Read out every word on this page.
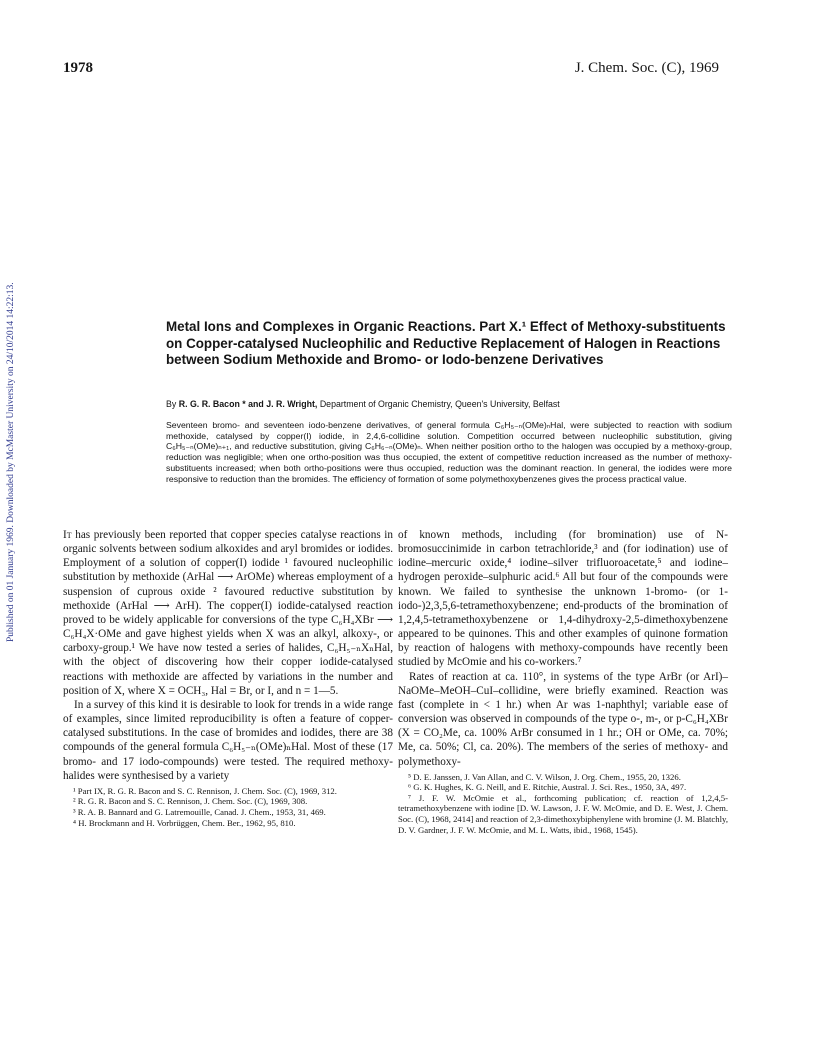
1978	J. Chem. Soc. (C), 1969
Published on 01 January 1969. Downloaded by McMaster University on 24/10/2014 14:22:13.	Metal Ions and Complexes in Organic Reactions. Part X.¹ Effect of Methoxy-substituents on Copper-catalysed Nucleophilic and Reductive Replacement of Halogen in Reactions between Sodium Methoxide and Bromo- or Iodo-benzene Derivatives
By R. G. R. Bacon * and J. R. Wright, Department of Organic Chemistry, Queen's University, Belfast

Seventeen bromo- and seventeen iodo-benzene derivatives, of general formula C₆H₅₋ₙ(OMe)ₙHal, were subjected to reaction with sodium methoxide, catalysed by copper(I) iodide, in 2,4,6-collidine solution. Competition occurred between nucleophilic substitution, giving C₆H₅₋ₙ(OMe)ₙ₊₁, and reductive substitution, giving C₆H₆₋ₙ(OMe)ₙ. When neither position ortho to the halogen was occupied by a methoxy-group, reduction was negligible; when one ortho-position was thus occupied, the extent of competitive reduction increased as the number of methoxy-substituents increased; when both ortho-positions were thus occupied, reduction was the dominant reaction. In general, the iodides were more responsive to reduction than the bromides. The efficiency of formation of some polymethoxybenzenes gives the process practical value.

It has previously been reported that copper species catalyse reactions in organic solvents between sodium alkoxides and aryl bromides or iodides. Employment of a solution of copper(I) iodide ¹ favoured nucleophilic substitution by methoxide (ArHal ⟶ ArOMe) whereas employment of a suspension of cuprous oxide ² favoured reductive substitution by methoxide (ArHal ⟶ ArH). The copper(I) iodide-catalysed reaction proved to be widely applicable for conversions of the type C₆H₄XBr ⟶ C₆H₄X·OMe and gave highest yields when X was an alkyl, alkoxy-, or carboxy-group.¹ We have now tested a series of halides, C₆H₅₋ₙXₙHal, with the object of discovering how their copper iodide-catalysed reactions with methoxide are affected by variations in the number and position of X, where X = OCH₃, Hal = Br, or I, and n = 1—5.

In a survey of this kind it is desirable to look for trends in a wide range of examples, since limited reproducibility is often a feature of copper-catalysed substitutions. In the case of bromides and iodides, there are 38 compounds of the general formula C₆H₅₋ₙ(OMe)ₙHal. Most of these (17 bromo- and 17 iodo-compounds) were tested. The required methoxy-halides were synthesised by a variety

¹ Part IX, R. G. R. Bacon and S. C. Rennison, J. Chem. Soc. (C), 1969, 312.

² R. G. R. Bacon and S. C. Rennison, J. Chem. Soc. (C), 1969, 308.

³ R. A. B. Bannard and G. Latremouille, Canad. J. Chem., 1953, 31, 469.

⁴ H. Brockmann and H. Vorbrüggen, Chem. Ber., 1962, 95, 810.

of known methods, including (for bromination) use of N-bromosuccinimide in carbon tetrachloride,³ and (for iodination) use of iodine–mercuric oxide,⁴ iodine–silver trifluoroacetate,⁵ and iodine–hydrogen peroxide–sulphuric acid.⁶ All but four of the compounds were known. We failed to synthesise the unknown 1-bromo- (or 1-iodo-)2,3,5,6-tetramethoxybenzene; end-products of the bromination of 1,2,4,5-tetramethoxybenzene or 1,4-dihydroxy-2,5-dimethoxybenzene appeared to be quinones. This and other examples of quinone formation by reaction of halogens with methoxy-compounds have recently been studied by McOmie and his co-workers.⁷

Rates of reaction at ca. 110°, in systems of the type ArBr (or ArI)–NaOMe–MeOH–CuI–collidine, were briefly examined. Reaction was fast (complete in < 1 hr.) when Ar was 1-naphthyl; variable ease of conversion was observed in compounds of the type o-, m-, or p-C₆H₄XBr (X = CO₂Me, ca. 100% ArBr consumed in 1 hr.; OH or OMe, ca. 70%; Me, ca. 50%; Cl, ca. 20%). The members of the series of methoxy- and polymethoxy-

⁵ D. E. Janssen, J. Van Allan, and C. V. Wilson, J. Org. Chem., 1955, 20, 1326.

⁶ G. K. Hughes, K. G. Neill, and E. Ritchie, Austral. J. Sci. Res., 1950, 3A, 497.

⁷ J. F. W. McOmie et al., forthcoming publication; cf. reaction of 1,2,4,5-tetramethoxybenzene with iodine [D. W. Lawson, J. F. W. McOmie, and D. E. West, J. Chem. Soc. (C), 1968, 2414] and reaction of 2,3-dimethoxybiphenylene with bromine (J. M. Blatchly, D. V. Gardner, J. F. W. McOmie, and M. L. Watts, ibid., 1968, 1545).
